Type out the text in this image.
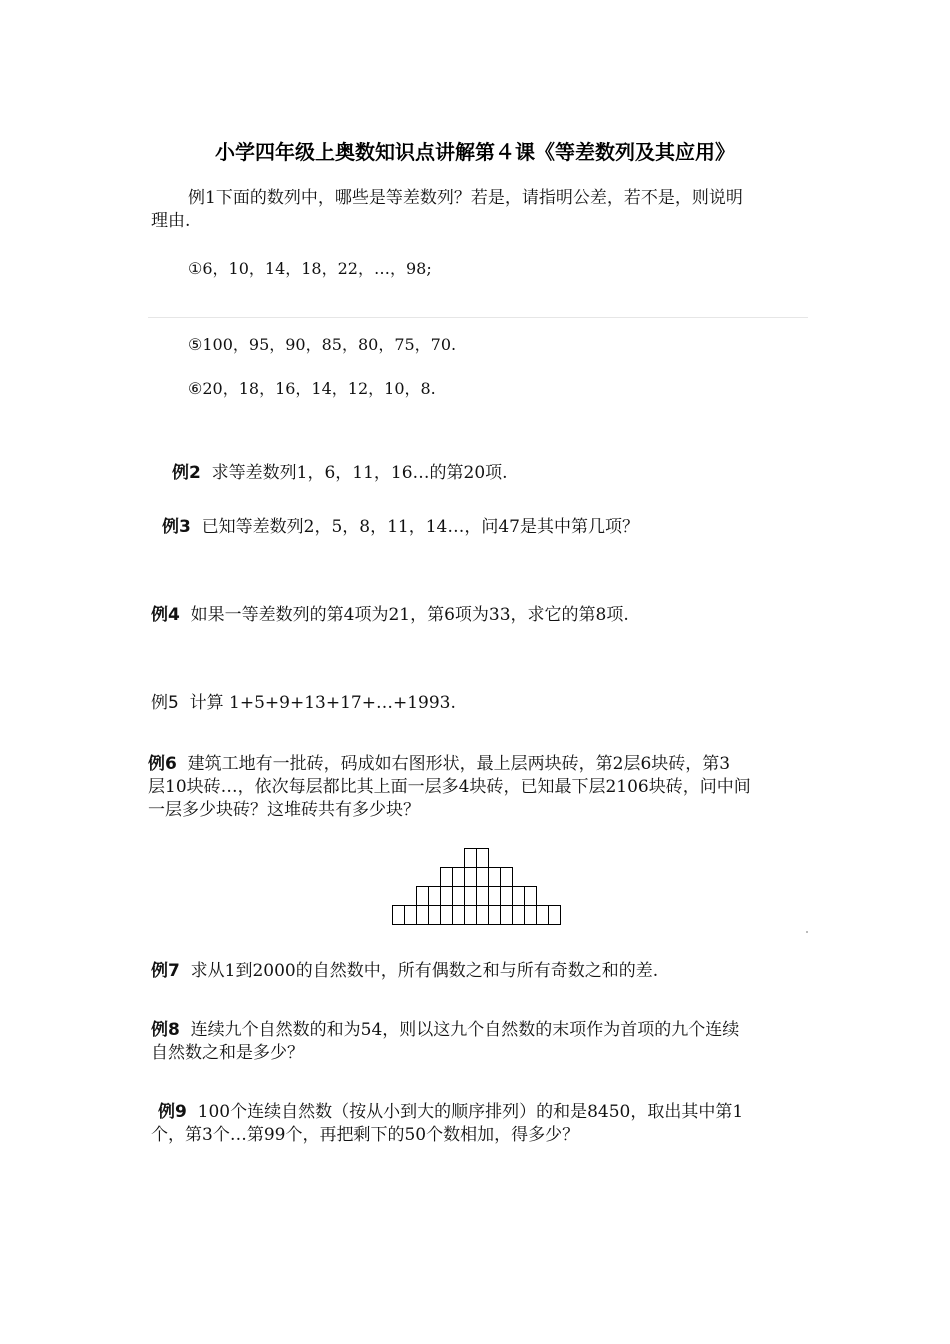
小学四年级上奥数知识点讲解第４课《等差数列及其应用》
例1下面的数列中，哪些是等差数列？若是，请指明公差，若不是，则说明
理由.
①6，10，14，18，22，…，98;
⑤100，95，90，85，80，75，70.
⑥20，18，16，14，12，10，8.
例2 求等差数列1，6，11，16…的第20项.
例3 已知等差数列2，5，8，11，14…，问47是其中第几项？
例4 如果一等差数列的第4项为21，第6项为33，求它的第8项.
例5 计算 1+5+9+13+17+…+1993.
例6 建筑工地有一批砖，码成如右图形状，最上层两块砖，第2层6块砖，第3
层10块砖…，依次每层都比其上面一层多4块砖，已知最下层2106块砖，问中间
一层多少块砖？这堆砖共有多少块？
例7 求从1到2000的自然数中，所有偶数之和与所有奇数之和的差.
例8 连续九个自然数的和为54，则以这九个自然数的末项作为首项的九个连续
自然数之和是多少？
例9 100个连续自然数（按从小到大的顺序排列）的和是8450，取出其中第1
个，第3个…第99个，再把剩下的50个数相加，得多少？
